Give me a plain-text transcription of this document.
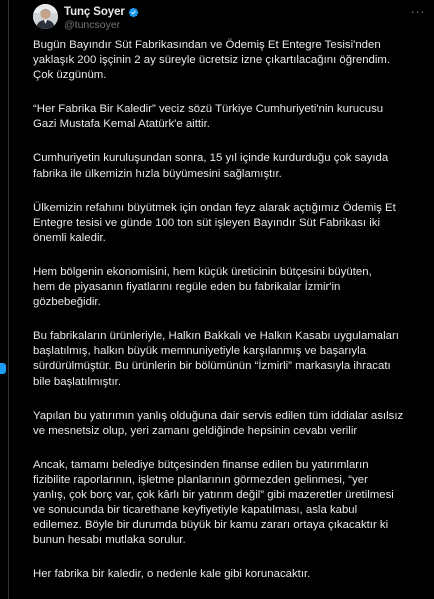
Tunç Soyer
@tuncsoyer
···
Bugün Bayındır Süt Fabrikasından ve Ödemiş Et Entegre Tesisi'nden
yaklaşık 200 işçinin 2 ay süreyle ücretsiz izne çıkartılacağını öğrendim.
Çok üzgünüm.
“Her Fabrika Bir Kaledir” veciz sözü Türkiye Cumhuriyeti'nin kurucusu
Gazi Mustafa Kemal Atatürk'e aittir.
Cumhuriyetin kuruluşundan sonra, 15 yıl içinde kurdurduğu çok sayıda
fabrika ile ülkemizin hızla büyümesini sağlamıştır.
Ülkemizin refahını büyütmek için ondan feyz alarak açtığımız Ödemiş Et
Entegre tesisi ve günde 100 ton süt işleyen Bayındır Süt Fabrikası iki
önemli kaledir.
Hem bölgenin ekonomisini, hem küçük üreticinin bütçesini büyüten,
hem de piyasanın fiyatlarını regüle eden bu fabrikalar İzmir'in
gözbebeğidir.
Bu fabrikaların ürünleriyle, Halkın Bakkalı ve Halkın Kasabı uygulamaları
başlatılmış, halkın büyük memnuniyetiyle karşılanmış ve başarıyla
sürdürülmüştür. Bu ürünlerin bir bölümünün “İzmirli” markasıyla ihracatı
bile başlatılmıştır.
Yapılan bu yatırımın yanlış olduğuna dair servis edilen tüm iddialar asılsız
ve mesnetsiz olup, yeri zamanı geldiğinde hepsinin cevabı verilir
Ancak, tamamı belediye bütçesinden finanse edilen bu yatırımların
fizibilite raporlarının, işletme planlarının görmezden gelinmesi, “yer
yanlış, çok borç var, çok kârlı bir yatırım değil” gibi mazeretler üretilmesi
ve sonucunda bir ticarethane keyfiyetiyle kapatılması, asla kabul
edilemez. Böyle bir durumda büyük bir kamu zararı ortaya çıkacaktır ki
bunun hesabı mutlaka sorulur.
Her fabrika bir kaledir, o nedenle kale gibi korunacaktır.
